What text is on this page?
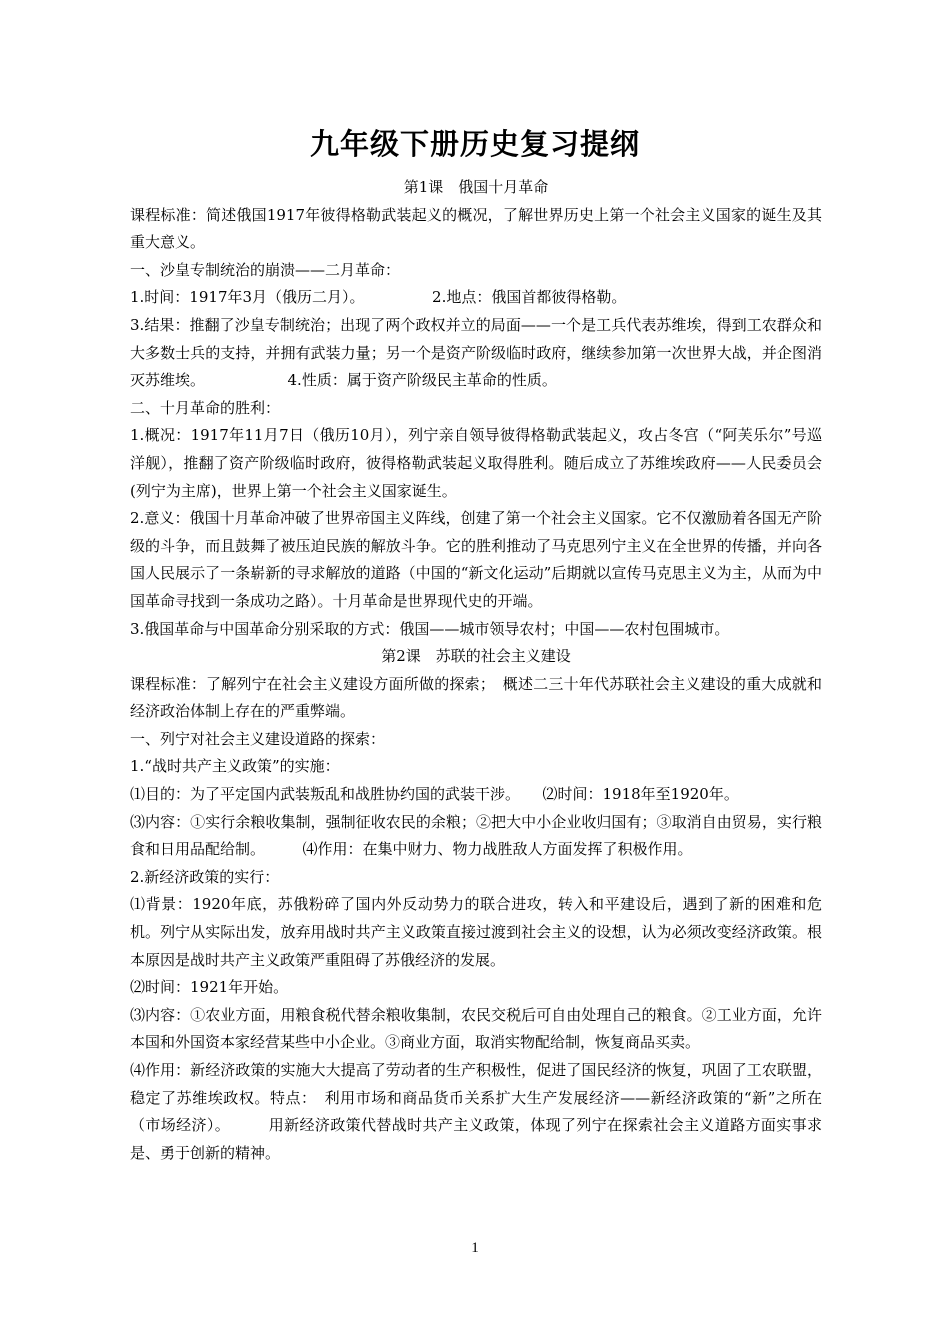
九年级下册历史复习提纲

第1课　俄国十月革命

课程标准：简述俄国1917年彼得格勒武装起义的概况，了解世界历史上第一个社会主义国家的诞生及其重大意义。

一、沙皇专制统治的崩溃——二月革命：

1.时间：1917年3月（俄历二月）。　　　　　2.地点：俄国首都彼得格勒。

3.结果：推翻了沙皇专制统治；出现了两个政权并立的局面——一个是工兵代表苏维埃，得到工农群众和大多数士兵的支持，并拥有武装力量；另一个是资产阶级临时政府，继续参加第一次世界大战，并企图消灭苏维埃。　　　　　　4.性质：属于资产阶级民主革命的性质。

二、十月革命的胜利：

1.概况：1917年11月7日（俄历10月），列宁亲自领导彼得格勒武装起义，攻占冬宫（“阿芙乐尔”号巡洋舰），推翻了资产阶级临时政府，彼得格勒武装起义取得胜利。随后成立了苏维埃政府——人民委员会(列宁为主席)，世界上第一个社会主义国家诞生。

2.意义：俄国十月革命冲破了世界帝国主义阵线，创建了第一个社会主义国家。它不仅激励着各国无产阶级的斗争，而且鼓舞了被压迫民族的解放斗争。它的胜利推动了马克思列宁主义在全世界的传播，并向各国人民展示了一条崭新的寻求解放的道路（中国的“新文化运动”后期就以宣传马克思主义为主，从而为中国革命寻找到一条成功之路）。十月革命是世界现代史的开端。

3.俄国革命与中国革命分别采取的方式：俄国——城市领导农村；中国——农村包围城市。

第2课　苏联的社会主义建设

课程标准：了解列宁在社会主义建设方面所做的探索；　概述二三十年代苏联社会主义建设的重大成就和经济政治体制上存在的严重弊端。

一、列宁对社会主义建设道路的探索：

1.“战时共产主义政策”的实施：

⑴目的：为了平定国内武装叛乱和战胜协约国的武装干涉。　　⑵时间：1918年至1920年。

⑶内容：①实行余粮收集制，强制征收农民的余粮；②把大中小企业收归国有；③取消自由贸易，实行粮食和日用品配给制。　　　⑷作用：在集中财力、物力战胜敌人方面发挥了积极作用。

2.新经济政策的实行：

⑴背景：1920年底，苏俄粉碎了国内外反动势力的联合进攻，转入和平建设后，遇到了新的困难和危机。列宁从实际出发，放弃用战时共产主义政策直接过渡到社会主义的设想，认为必须改变经济政策。根本原因是战时共产主义政策严重阻碍了苏俄经济的发展。

⑵时间：1921年开始。

⑶内容：①农业方面，用粮食税代替余粮收集制，农民交税后可自由处理自己的粮食。②工业方面，允许本国和外国资本家经营某些中小企业。③商业方面，取消实物配给制，恢复商品买卖。

⑷作用：新经济政策的实施大大提高了劳动者的生产积极性，促进了国民经济的恢复，巩固了工农联盟，稳定了苏维埃政权。特点：　利用市场和商品货币关系扩大生产发展经济——新经济政策的“新”之所在（市场经济）。　　　用新经济政策代替战时共产主义政策，体现了列宁在探索社会主义道路方面实事求是、勇于创新的精神。

1
